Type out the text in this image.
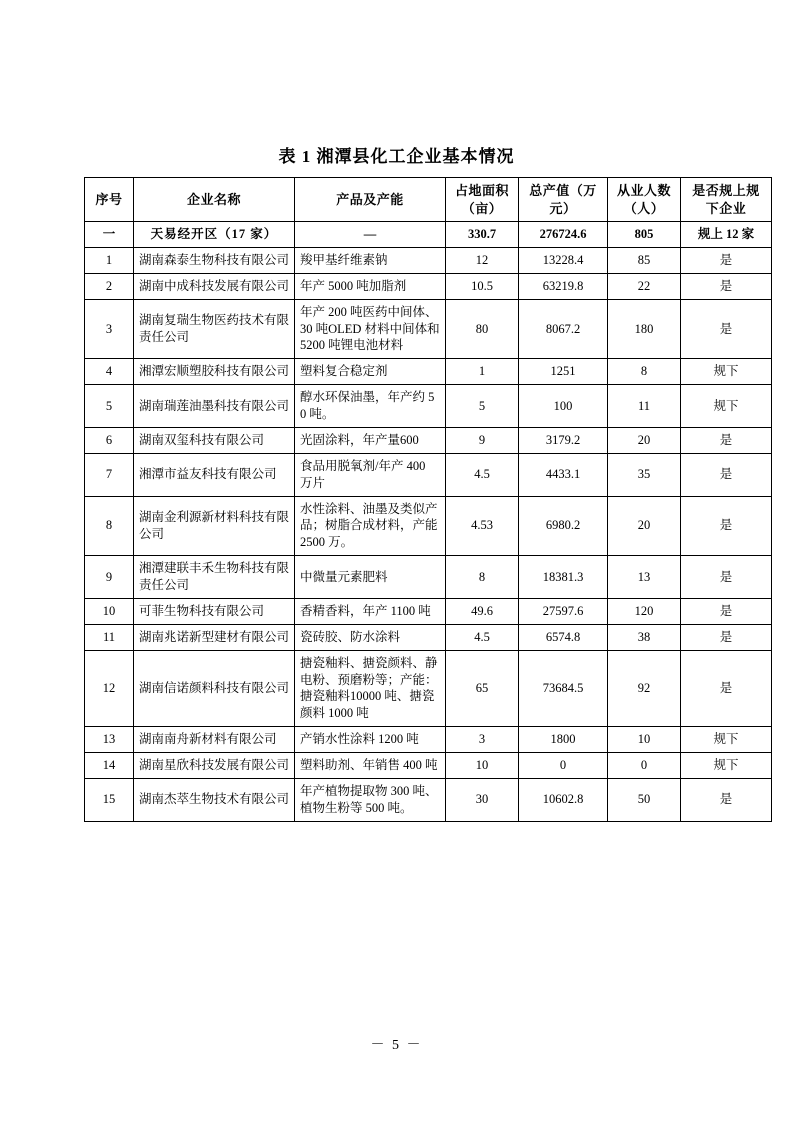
表 1 湘潭县化工企业基本情况
序号	企业名称	产品及产能	占地面积（亩）	总产值（万元）	从业人数（人）	是否规上规下企业
一	天易经开区（17 家）	—	330.7	276724.6	805	规上 12 家
1	湖南森泰生物科技有限公司	羧甲基纤维素钠	12	13228.4	85	是
2	湖南中成科技发展有限公司	年产 5000 吨加脂剂	10.5	63219.8	22	是
3	湖南复瑞生物医药技术有限责任公司	年产 200 吨医药中间体、30 吨OLED 材料中间体和 5200 吨锂电池材料	80	8067.2	180	是
4	湘潭宏顺塑胶科技有限公司	塑料复合稳定剂	1	1251	8	规下
5	湖南瑞莲油墨科技有限公司	醇水环保油墨，年产约 50 吨。	5	100	11	规下
6	湖南双玺科技有限公司	光固涂料，年产量600	9	3179.2	20	是
7	湘潭市益友科技有限公司	食品用脱氧剂/年产 400 万片	4.5	4433.1	35	是
8	湖南金利源新材料科技有限公司	水性涂料、油墨及类似产品；树脂合成材料，产能 2500 万。	4.53	6980.2	20	是
9	湘潭建联丰禾生物科技有限责任公司	中微量元素肥料	8	18381.3	13	是
10	可菲生物科技有限公司	香精香料，年产 1100 吨	49.6	27597.6	120	是
11	湖南兆诺新型建材有限公司	瓷砖胶、防水涂料	4.5	6574.8	38	是
12	湖南信诺颜料科技有限公司	搪瓷釉料、搪瓷颜料、静电粉、预磨粉等；产能：搪瓷釉料10000 吨、搪瓷颜料 1000 吨	65	73684.5	92	是
13	湖南南舟新材料有限公司	产销水性涂料 1200 吨	3	1800	10	规下
14	湖南星欣科技发展有限公司	塑料助剂、年销售 400 吨	10	0	0	规下
15	湖南杰萃生物技术有限公司	年产植物提取物 300 吨、植物生粉等 500 吨。	30	10602.8	50	是
－ 5 －
